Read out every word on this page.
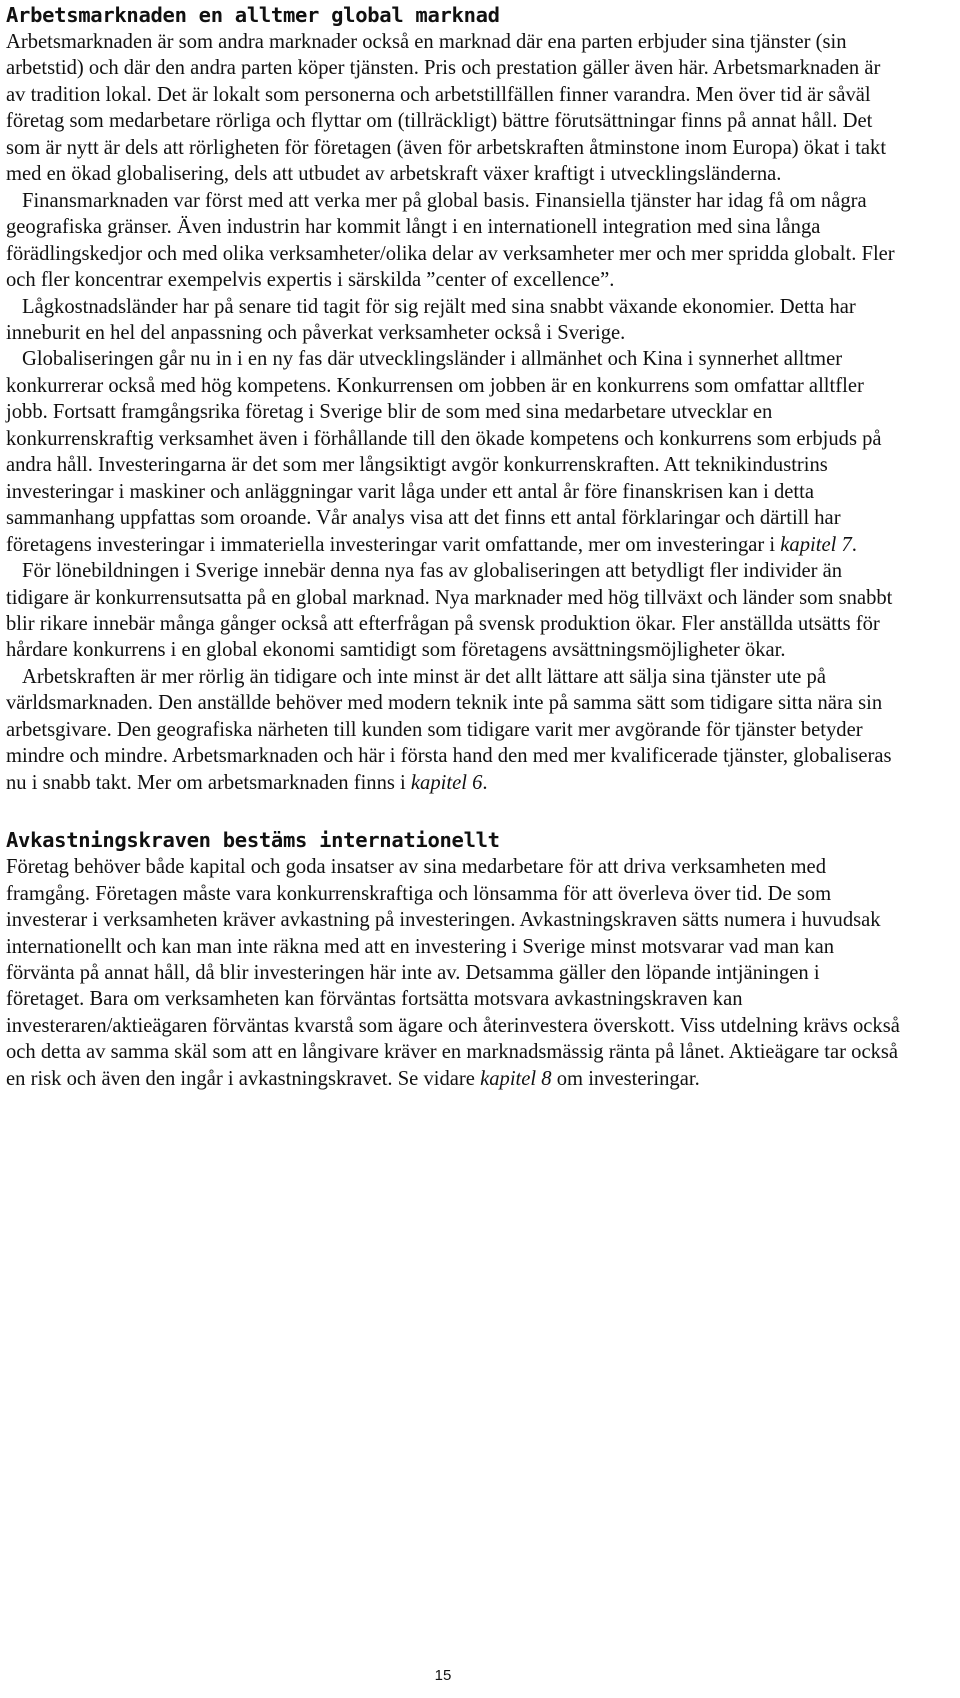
Arbetsmarknaden en alltmer global marknad

Arbetsmarknaden är som andra marknader också en marknad där ena parten erbjuder sina tjänster (sin arbetstid) och där den andra parten köper tjänsten. Pris och prestation gäller även här. Arbetsmarknaden är av tradition lokal. Det är lokalt som personerna och arbetstillfällen finner varandra. Men över tid är såväl företag som medarbetare rörliga och flyttar om (tillräckligt) bättre förutsättningar finns på annat håll. Det som är nytt är dels att rörligheten för företagen (även för arbetskraften åtminstone inom Europa) ökat i takt med en ökad globalisering, dels att utbudet av arbetskraft växer kraftigt i utvecklingsländerna.

Finansmarknaden var först med att verka mer på global basis. Finansiella tjänster har idag få om några geografiska gränser. Även industrin har kommit långt i en internationell integration med sina långa förädlingskedjor och med olika verksamheter/olika delar av verksamheter mer och mer spridda globalt. Fler och fler koncentrar exempelvis expertis i särskilda ”center of excellence”.

Lågkostnadsländer har på senare tid tagit för sig rejält med sina snabbt växande ekonomier. Detta har inneburit en hel del anpassning och påverkat verksamheter också i Sverige.

Globaliseringen går nu in i en ny fas där utvecklingsländer i allmänhet och Kina i synnerhet alltmer konkurrerar också med hög kompetens. Konkurrensen om jobben är en konkurrens som omfattar alltfler jobb. Fortsatt framgångsrika företag i Sverige blir de som med sina medarbetare utvecklar en konkurrenskraftig verksamhet även i förhållande till den ökade kompetens och konkurrens som erbjuds på andra håll. Investeringarna är det som mer långsiktigt avgör konkurrenskraften. Att teknikindustrins investeringar i maskiner och anläggningar varit låga under ett antal år före finanskrisen kan i detta sammanhang uppfattas som oroande. Vår analys visa att det finns ett antal förklaringar och därtill har företagens investeringar i immateriella investeringar varit omfattande, mer om investeringar i kapitel 7.

För lönebildningen i Sverige innebär denna nya fas av globaliseringen att betydligt fler individer än tidigare är konkurrensutsatta på en global marknad. Nya marknader med hög tillväxt och länder som snabbt blir rikare innebär många gånger också att efterfrågan på svensk produktion ökar. Fler anställda utsätts för hårdare konkurrens i en global ekonomi samtidigt som företagens avsättningsmöjligheter ökar.

Arbetskraften är mer rörlig än tidigare och inte minst är det allt lättare att sälja sina tjänster ute på världsmarknaden. Den anställde behöver med modern teknik inte på samma sätt som tidigare sitta nära sin arbetsgivare. Den geografiska närheten till kunden som tidigare varit mer avgörande för tjänster betyder mindre och mindre. Arbetsmarknaden och här i första hand den med mer kvalificerade tjänster, globaliseras nu i snabb takt. Mer om arbetsmarknaden finns i kapitel 6.

Avkastningskraven bestäms internationellt

Företag behöver både kapital och goda insatser av sina medarbetare för att driva verksamheten med framgång. Företagen måste vara konkurrenskraftiga och lönsamma för att överleva över tid. De som investerar i verksamheten kräver avkastning på investeringen. Avkastningskraven sätts numera i huvudsak internationellt och kan man inte räkna med att en investering i Sverige minst motsvarar vad man kan förvänta på annat håll, då blir investeringen här inte av. Detsamma gäller den löpande intjäningen i företaget. Bara om verksamheten kan förväntas fortsätta motsvara avkastningskraven kan investeraren/aktieägaren förväntas kvarstå som ägare och återinvestera överskott. Viss utdelning krävs också och detta av samma skäl som att en långivare kräver en marknadsmässig ränta på lånet. Aktieägare tar också en risk och även den ingår i avkastningskravet. Se vidare kapitel 8 om investeringar.

15
